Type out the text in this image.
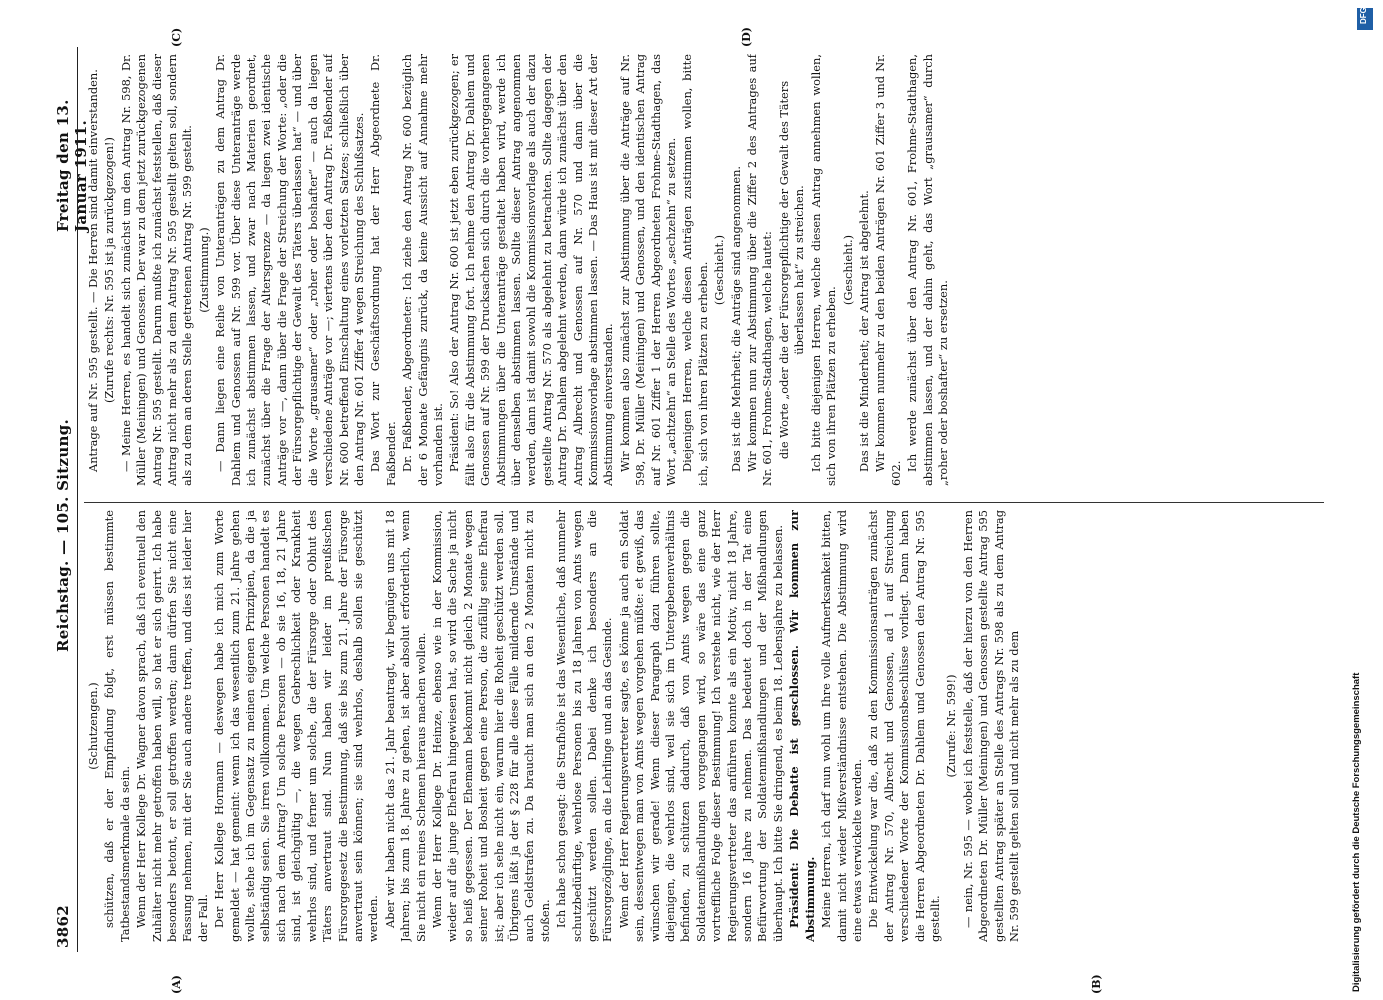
3862
Reichstag. — 105. Sitzung.
Freitag den 13. Januar 1911.
(A)	(B)
(C)	(D)

(Schutzengen.) schützen, daß er der Empfindung folgt, erst müssen bestimmte Tatbestandsmerkmale da sein. Wenn der Herr Kollege Dr. Wagner davon sprach, daß ich eventuell den Zuhälter nicht mehr getroffen haben will, so hat er sich geirrt. Ich habe besonders betont, er soll getroffen werden; dann dürfen Sie nicht eine Fassung nehmen, mit der Sie auch andere treffen, und dies ist leider hier der Fall. Der Herr Kollege Hormann — deswegen habe ich mich zum Worte gemeldet — hat gemeint: wenn ich das wesentlich zum 21. Jahre gehen wollte, stehe ich im Gegensatz zu meinen eigenen Prinzipien, da die ja selbständig seien. Sie irren vollkommen. Um welche Personen handelt es sich nach dem Antrag? Um solche Personen — ob sie 16, 18, 21 Jahre sind, ist gleichgültig —, die wegen Gebrechlichkeit oder Krankheit wehrlos sind, und ferner um solche, die der Fürsorge oder Obhut des Täters anvertraut sind. Nun haben wir leider im preußischen Fürsorgegesetz die Bestimmung, daß sie bis zum 21. Jahre der Fürsorge anvertraut sein können; sie sind wehrlos, deshalb sollen sie geschützt werden. Aber wir haben nicht das 21. Jahr beantragt, wir begnügen uns mit 18 Jahren; bis zum 18. Jahre zu gehen, ist aber absolut erforderlich, wenn Sie nicht ein reines Schemen hieraus machen wollen. Wenn der Herr Kollege Dr. Heinze, ebenso wie in der Kommission, wieder auf die junge Ehefrau hingewiesen hat, so wird die Sache ja nicht so heiß gegessen. Der Ehemann bekommt nicht gleich 2 Monate wegen seiner Roheit und Bosheit gegen eine Person, die zufällig seine Ehefrau ist; aber ich sehe nicht ein, warum hier die Roheit geschützt werden soll. Übrigens läßt ja der § 228 für alle diese Fälle mildernde Umstände und auch Geldstrafen zu. Da braucht man sich an den 2 Monaten nicht zu stoßen. Ich habe schon gesagt: die Strafhöhe ist das Wesentliche, daß nunmehr schutzbedürftige, wehrlose Personen bis zu 18 Jahren von Amts wegen geschützt werden sollen. Dabei denke ich besonders an die Fürsorgezöglinge, an die Lehrlinge und an das Gesinde. Wenn der Herr Regierungsvertreter sagte, es könne ja auch ein Soldat sein, dessentwegen man von Amts wegen vorgehen müßte: et gewiß, das wünschen wir gerade! Wenn dieser Paragraph dazu führen sollte, diejenigen, die wehrlos sind, weil sie sich im Untergebenenverhältnis befinden, zu schützen dadurch, daß von Amts wegen gegen die Soldatenmißhandlungen vorgegangen wird, so wäre das eine ganz vortreffliche Folge dieser Bestimmung! Ich verstehe nicht, wie der Herr Regierungsvertreter das anführen konnte als ein Motiv, nicht 18 Jahre, sondern 16 Jahre zu nehmen. Das bedeutet doch in der Tat eine Befürwortung der Soldatenmißhandlungen und der Mißhandlungen überhaupt. Ich bitte Sie dringend, es beim 18. Lebensjahre zu belassen. Präsident: Die Debatte ist geschlossen. Wir kommen zur Abstimmung. Meine Herren, ich darf nun wohl um Ihre volle Aufmerksamkeit bitten, damit nicht wieder Mißverständnisse entstehen. Die Abstimmung wird eine etwas verwickelte werden. Die Entwickelung war die, daß zu den Kommissionsanträgen zunächst der Antrag Nr. 570, Albrecht und Genossen, ad 1 auf Streichung verschiedener Worte der Kommissionsbeschlüsse vorliegt. Dann haben die Herren Abgeordneten Dr. Dahlem und Genossen den Antrag Nr. 595 gestellt.

(Zurufe: Nr. 599!) — nein, Nr. 595 — wobei ich feststelle, daß der hierzu von den Herren Abgeordneten Dr. Müller (Meiningen) und Genossen gestellte Antrag 595 gestellten Antrag später an Stelle des Antrags Nr. 598 als zu dem Antrag Nr. 599 gestellt gelten soll und nicht mehr als zu dem

Antrage auf Nr. 595 gestellt. — Die Herren sind damit einverstanden. (Zurufe rechts: Nr. 595 ist ja zurückgezogen!) — Meine Herren, es handelt sich zunächst um den Antrag Nr. 598, Dr. Müller (Meiningen) und Genossen. Der war zu dem jetzt zurückgezogenen Antrag Nr. 595 gestellt. Darum mußte ich zunächst feststellen, daß dieser Antrag nicht mehr als zu dem Antrag Nr. 595 gestellt gelten soll, sondern als zu dem an deren Stelle getretenen Antrag Nr. 599 gestellt. (Zustimmung.) — Dann liegen eine Reihe von Unteranträgen zu dem Antrag Dr. Dahlem und Genossen auf Nr. 599 vor. Über diese Unteranträge werde ich zunächst abstimmen lassen, und zwar nach Materien geordnet, zunächst über die Frage der Altersgrenze — da liegen zwei identische Anträge vor —, dann über die Frage der Streichung der Worte: „oder die der Fürsorgepflichtige der Gewalt des Täters überlassen hat“ — und über die Worte „grausamer“ oder „roher oder boshafter“ — auch da liegen verschiedene Anträge vor —; viertens über den Antrag Dr. Faßbender auf Nr. 600 betreffend Einschaltung eines vorletzten Satzes; schließlich über den Antrag Nr. 601 Ziffer 4 wegen Streichung des Schlußsatzes. Das Wort zur Geschäftsordnung hat der Herr Abgeordnete Dr. Faßbender. Dr. Faßbender, Abgeordneter: Ich ziehe den Antrag Nr. 600 bezüglich der 6 Monate Gefängnis zurück, da keine Aussicht auf Annahme mehr vorhanden ist. Präsident: So! Also der Antrag Nr. 600 ist jetzt eben zurückgezogen; er fällt also für die Abstimmung fort. Ich nehme den Antrag Dr. Dahlem und Genossen auf Nr. 599 der Drucksachen sich durch die vorhergegangenen Abstimmungen über die Unteranträge gestaltet haben wird, werde ich über denselben abstimmen lassen. Sollte dieser Antrag angenommen werden, dann ist damit sowohl die Kommissionsvorlage als auch der dazu gestellte Antrag Nr. 570 als abgelehnt zu betrachten. Sollte dagegen der Antrag Dr. Dahlem abgelehnt werden, dann würde ich zunächst über den Antrag Albrecht und Genossen auf Nr. 570 und dann über die Kommissionsvorlage abstimmen lassen. — Das Haus ist mit dieser Art der Abstimmung einverstanden. Wir kommen also zunächst zur Abstimmung über die Anträge auf Nr. 598, Dr. Müller (Meiningen) und Genossen, und den identischen Antrag auf Nr. 601 Ziffer 1 der Herren Abgeordneten Frohme-Stadthagen, das Wort „achtzehn“ an Stelle des Wortes „sechzehn“ zu setzen. Diejenigen Herren, welche diesen Anträgen zustimmen wollen, bitte ich, sich von ihren Plätzen zu erheben. (Geschieht.) Das ist die Mehrheit; die Anträge sind angenommen. Wir kommen nun zur Abstimmung über die Ziffer 2 des Antrages auf Nr. 601, Frohme-Stadthagen, welche lautet: die Worte „oder die der Fürsorgepflichtige der Gewalt des Täters überlassen hat“ zu streichen. Ich bitte diejenigen Herren, welche diesen Antrag annehmen wollen, sich von ihren Plätzen zu erheben.

(Geschieht.) Das ist die Minderheit; der Antrag ist abgelehnt. Wir kommen nunmehr zu den beiden Anträgen Nr. 601 Ziffer 3 und Nr. 602.

Ich werde zunächst über den Antrag Nr. 601, Frohme-Stadthagen, abstimmen lassen, und der dahin geht, das Wort „grausamer“ durch „roher oder boshafter“ zu ersetzen.

Digitalisierung gefördert durch die Deutsche Forschungsgemeinschaft
DFG
